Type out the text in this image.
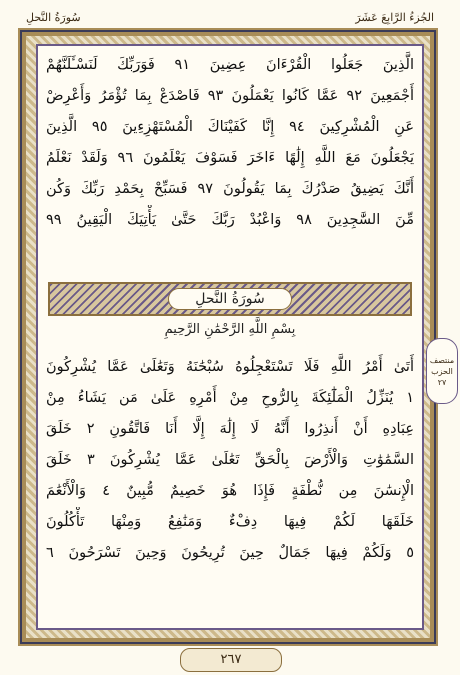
الجُزءُ الرَّابِعَ عَشَرَ
سُورَةُ النَّحلِ
الَّذِينَ جَعَلُوا الْقُرْءَانَ عِضِينَ ٩١ فَوَرَبِّكَ لَنَسْـَٔلَنَّهُمْ
أَجْمَعِينَ ٩٢ عَمَّا كَانُوا يَعْمَلُونَ ٩٣ فَاصْدَعْ بِمَا تُؤْمَرُ وَأَعْرِضْ
عَنِ الْمُشْرِكِينَ ٩٤ إِنَّا كَفَيْنَاكَ الْمُسْتَهْزِءِينَ ٩٥ الَّذِينَ
يَجْعَلُونَ مَعَ اللَّهِ إِلَٰهًا ءَاخَرَ فَسَوْفَ يَعْلَمُونَ ٩٦ وَلَقَدْ نَعْلَمُ
أَنَّكَ يَضِيقُ صَدْرُكَ بِمَا يَقُولُونَ ٩٧ فَسَبِّحْ بِحَمْدِ رَبِّكَ وَكُن
مِّنَ السَّٰجِدِينَ ٩٨ وَاعْبُدْ رَبَّكَ حَتَّىٰ يَأْتِيَكَ الْيَقِينُ ٩٩
سُورَةُ النَّحلِ
بِسْمِ اللَّهِ الرَّحْمَٰنِ الرَّحِيمِ
أَتَىٰ أَمْرُ اللَّهِ فَلَا تَسْتَعْجِلُوهُ سُبْحَٰنَهُ وَتَعَٰلَىٰ عَمَّا يُشْرِكُونَ
١ يُنَزِّلُ الْمَلَٰٓئِكَةَ بِالرُّوحِ مِنْ أَمْرِهِ عَلَىٰ مَن يَشَاءُ مِنْ
عِبَادِهِ أَنْ أَنذِرُوا أَنَّهُ لَا إِلَٰهَ إِلَّا أَنَا فَاتَّقُونِ ٢ خَلَقَ
السَّمَٰوَٰتِ وَالْأَرْضَ بِالْحَقِّ تَعَٰلَىٰ عَمَّا يُشْرِكُونَ ٣ خَلَقَ
الْإِنسَٰنَ مِن نُّطْفَةٍ فَإِذَا هُوَ خَصِيمٌ مُّبِينٌ ٤ وَالْأَنْعَٰمَ
خَلَقَهَا لَكُمْ فِيهَا دِفْءٌ وَمَنَٰفِعُ وَمِنْهَا تَأْكُلُونَ
٥ وَلَكُمْ فِيهَا جَمَالٌ حِينَ تُرِيحُونَ وَحِينَ تَسْرَحُونَ ٦
منتصف
الحزب
٢٧
٢٦٧
